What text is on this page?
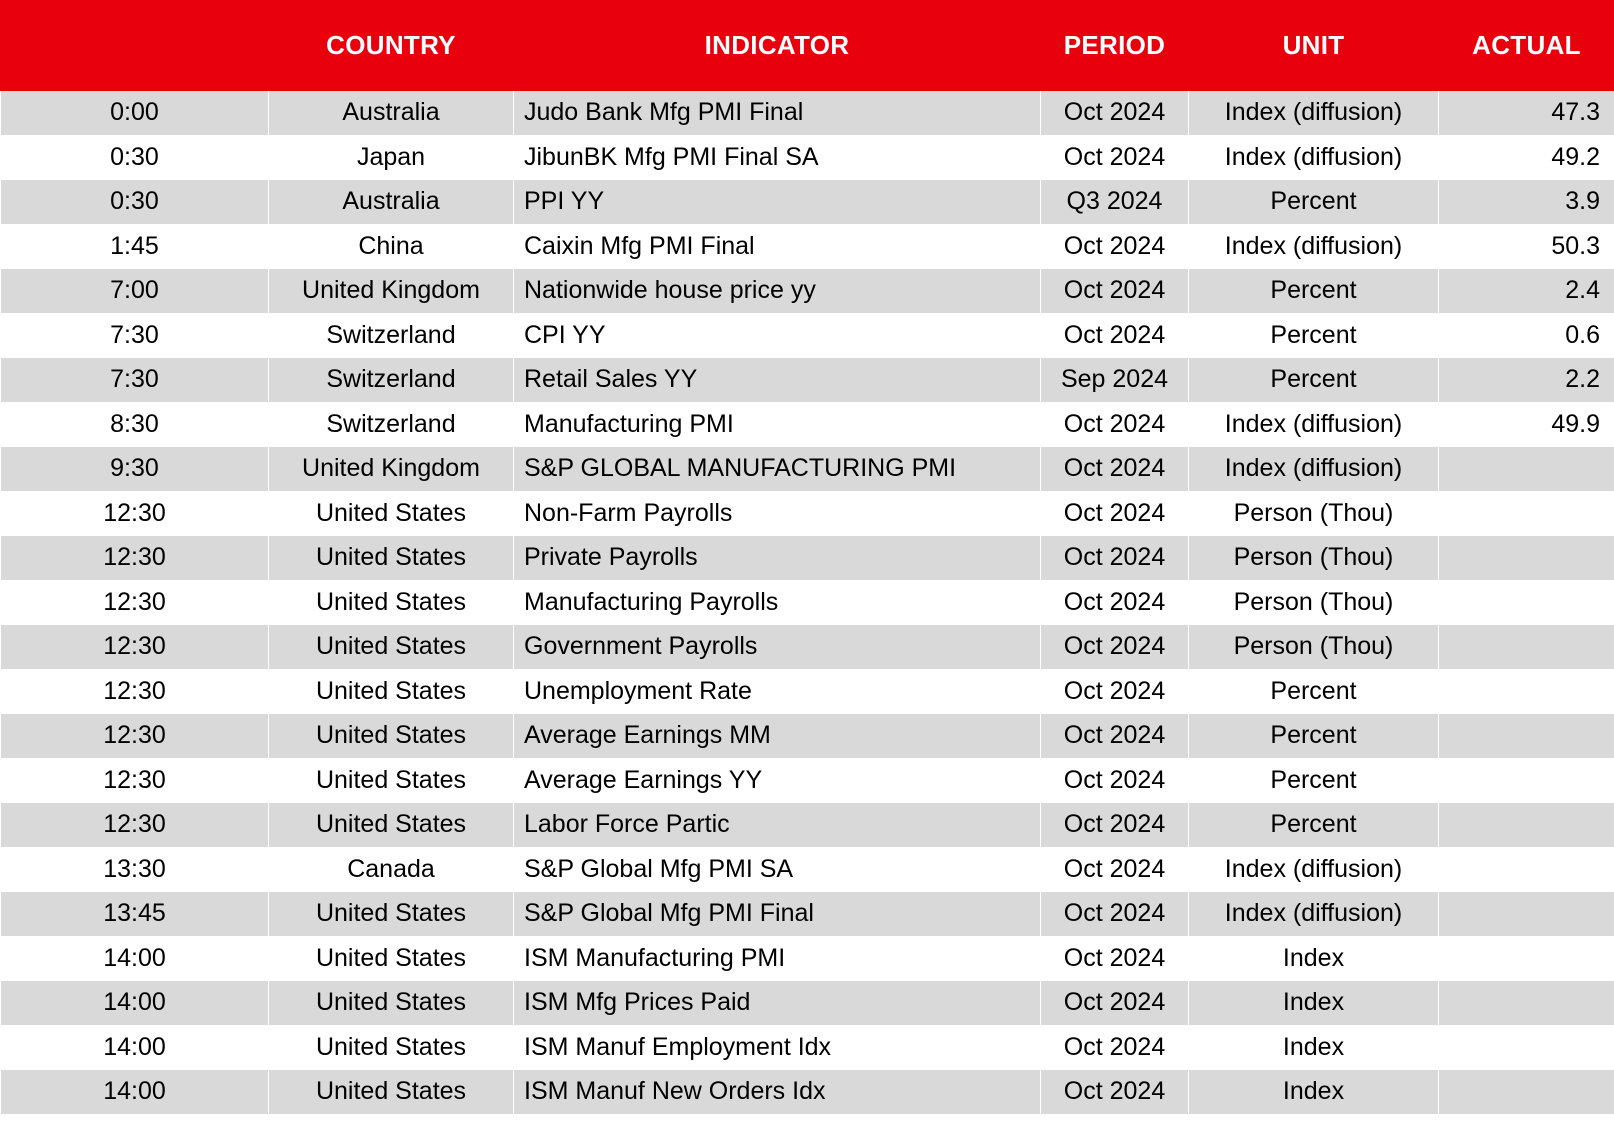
	COUNTRY	INDICATOR	PERIOD	UNIT	ACTUAL
0:00	Australia	Judo Bank Mfg PMI Final	Oct 2024	Index (diffusion)	47.3
0:30	Japan	JibunBK Mfg PMI Final SA	Oct 2024	Index (diffusion)	49.2
0:30	Australia	PPI YY	Q3 2024	Percent	3.9
1:45	China	Caixin Mfg PMI Final	Oct 2024	Index (diffusion)	50.3
7:00	United Kingdom	Nationwide house price yy	Oct 2024	Percent	2.4
7:30	Switzerland	CPI YY	Oct 2024	Percent	0.6
7:30	Switzerland	Retail Sales YY	Sep 2024	Percent	2.2
8:30	Switzerland	Manufacturing PMI	Oct 2024	Index (diffusion)	49.9
9:30	United Kingdom	S&P GLOBAL MANUFACTURING PMI	Oct 2024	Index (diffusion)	
12:30	United States	Non-Farm Payrolls	Oct 2024	Person (Thou)	
12:30	United States	Private Payrolls	Oct 2024	Person (Thou)	
12:30	United States	Manufacturing Payrolls	Oct 2024	Person (Thou)	
12:30	United States	Government Payrolls	Oct 2024	Person (Thou)	
12:30	United States	Unemployment Rate	Oct 2024	Percent	
12:30	United States	Average Earnings MM	Oct 2024	Percent	
12:30	United States	Average Earnings YY	Oct 2024	Percent	
12:30	United States	Labor Force Partic	Oct 2024	Percent	
13:30	Canada	S&P Global Mfg PMI SA	Oct 2024	Index (diffusion)	
13:45	United States	S&P Global Mfg PMI Final	Oct 2024	Index (diffusion)	
14:00	United States	ISM Manufacturing PMI	Oct 2024	Index	
14:00	United States	ISM Mfg Prices Paid	Oct 2024	Index	
14:00	United States	ISM Manuf Employment Idx	Oct 2024	Index	
14:00	United States	ISM Manuf New Orders Idx	Oct 2024	Index	
